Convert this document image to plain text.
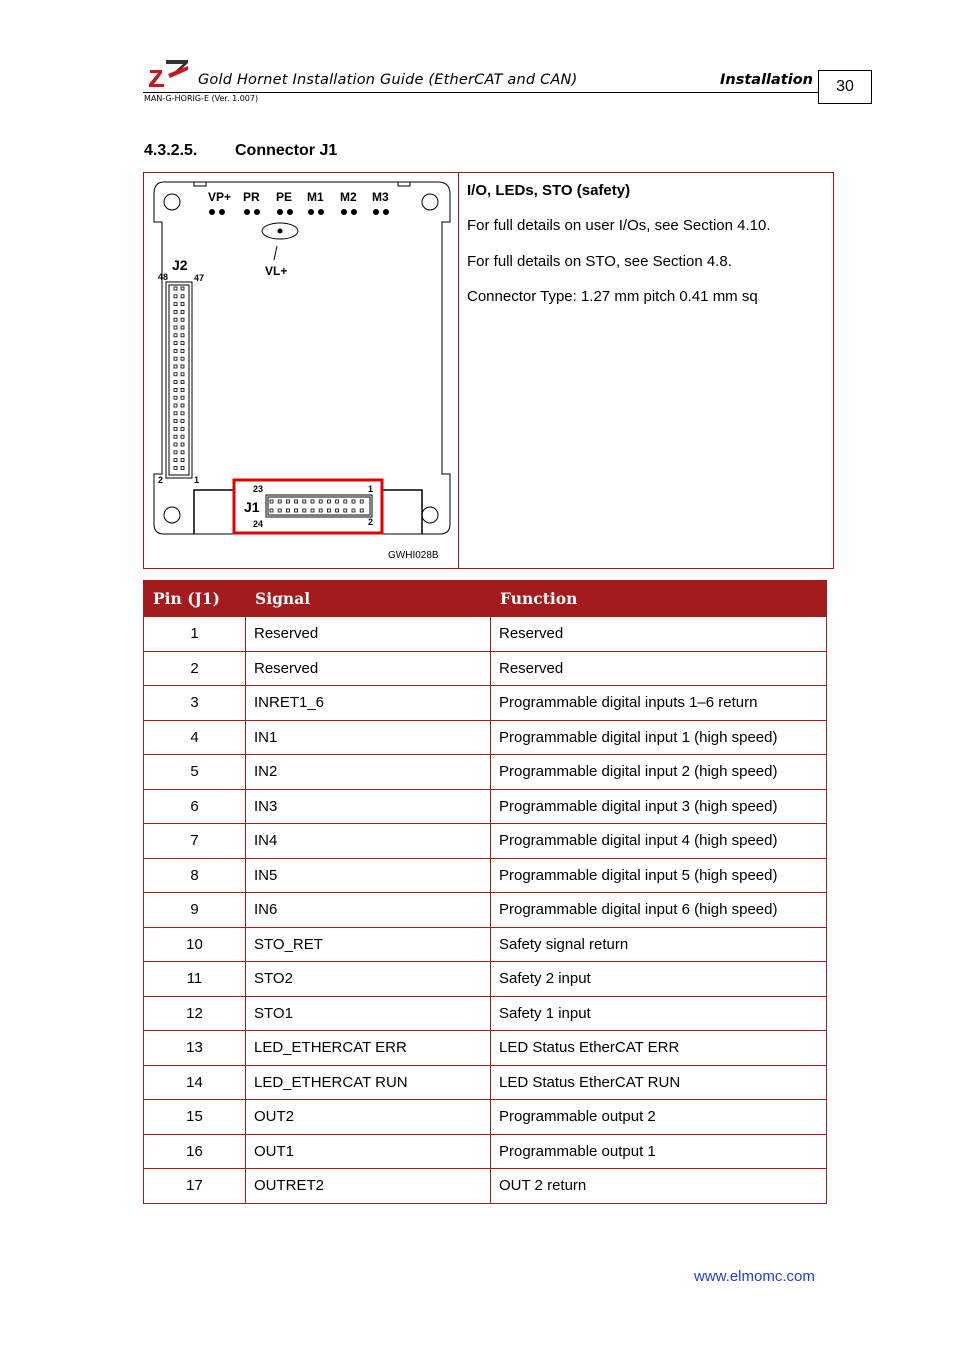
Gold Hornet Installation Guide (EtherCAT and CAN)	Installation
MAN-G-HORIG-E (Ver. 1.007)
30
4.3.2.5. Connector J1
VP+ PR PE M1 M2 M3
VL+
J2
48	47
2	1
23	1
J1
24	2
GWHI028B
I/O, LEDs, STO (safety)
For full details on user I/Os, see Section 4.10.
For full details on STO, see Section 4.8.
Connector Type: 1.27 mm pitch 0.41 mm sq
Pin (J1)	Signal	Function
1	Reserved	Reserved
2	Reserved	Reserved
3	INRET1_6	Programmable digital inputs 1–6 return
4	IN1	Programmable digital input 1 (high speed)
5	IN2	Programmable digital input 2 (high speed)
6	IN3	Programmable digital input 3 (high speed)
7	IN4	Programmable digital input 4 (high speed)
8	IN5	Programmable digital input 5 (high speed)
9	IN6	Programmable digital input 6 (high speed)
10	STO_RET	Safety signal return
11	STO2	Safety 2 input
12	STO1	Safety 1 input
13	LED_ETHERCAT ERR	LED Status EtherCAT ERR
14	LED_ETHERCAT RUN	LED Status EtherCAT RUN
15	OUT2	Programmable output 2
16	OUT1	Programmable output 1
17	OUTRET2	OUT 2 return
www.elmomc.com
